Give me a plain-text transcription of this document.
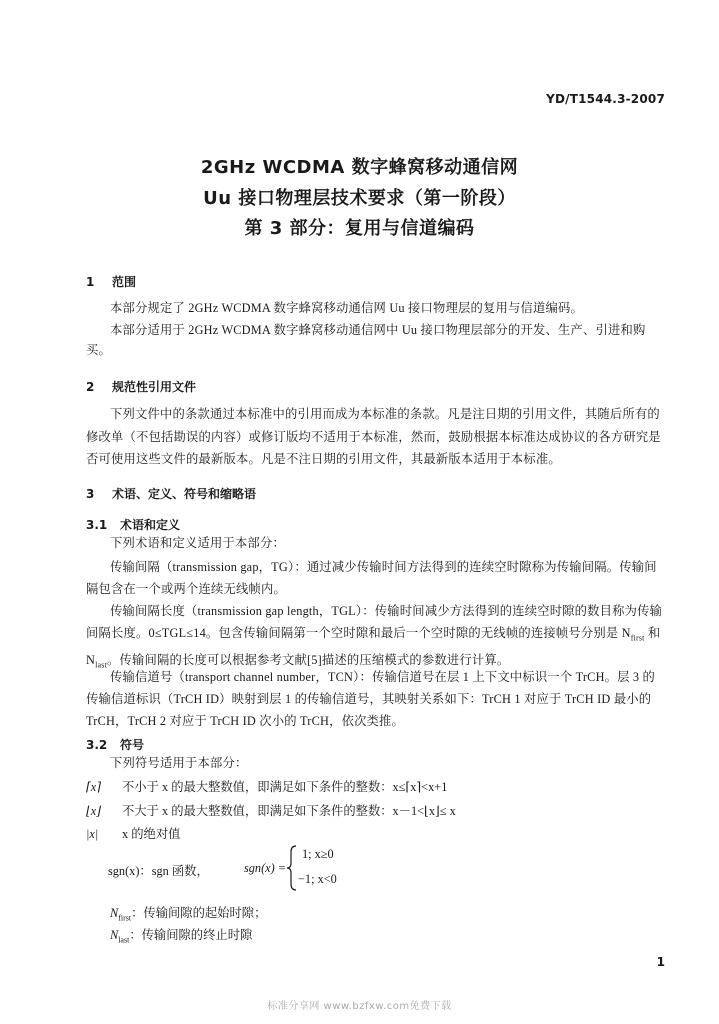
YD/T1544.3-2007
2GHz WCDMA 数字蜂窝移动通信网
Uu 接口物理层技术要求（第一阶段）
第 3 部分：复用与信道编码
1 范围
本部分规定了 2GHz WCDMA 数字蜂窝移动通信网 Uu 接口物理层的复用与信道编码。
本部分适用于 2GHz WCDMA 数字蜂窝移动通信网中 Uu 接口物理层部分的开发、生产、引进和购买。
2 规范性引用文件
下列文件中的条款通过本标准中的引用而成为本标准的条款。凡是注日期的引用文件，其随后所有的修改单（不包括勘误的内容）或修订版均不适用于本标准，然而，鼓励根据本标准达成协议的各方研究是否可使用这些文件的最新版本。凡是不注日期的引用文件，其最新版本适用于本标准。
3 术语、定义、符号和缩略语
3.1 术语和定义
下列术语和定义适用于本部分：
传输间隔（transmission gap，TG）：通过减少传输时间方法得到的连续空时隙称为传输间隔。传输间隔包含在一个或两个连续无线帧内。
传输间隔长度（transmission gap length，TGL）：传输时间减少方法得到的连续空时隙的数目称为传输间隔长度。0≤TGL≤14。包含传输间隔第一个空时隙和最后一个空时隙的无线帧的连接帧号分别是 $N_{first}$ 和 $N_{last}$。传输间隔的长度可以根据参考文献[5]描述的压缩模式的参数进行计算。
传输信道号（transport channel number，TCN）：传输信道号在层 1 上下文中标识一个 TrCH。层 3 的传输信道标识（TrCH ID）映射到层 1 的传输信道号，其映射关系如下：TrCH 1 对应于 TrCH ID 最小的 TrCH，TrCH 2 对应于 TrCH ID 次小的 TrCH，依次类推。
3.2 符号
下列符号适用于本部分：
⌈x⌉ 不小于 x 的最大整数值，即满足如下条件的整数：x≤⌈x⌉<x+1
⌊x⌋ 不大于 x 的最大整数值，即满足如下条件的整数：x－1<⌊x⌋≤ x
|x| x 的绝对值
sgn(x)：sgn 函数，	sgn(x) =
1; x≥0
−1; x<0
$N_{first}$：传输间隙的起始时隙；
$N_{last}$：传输间隙的终止时隙
1
标准分享网 www.bzfxw.com免费下载
